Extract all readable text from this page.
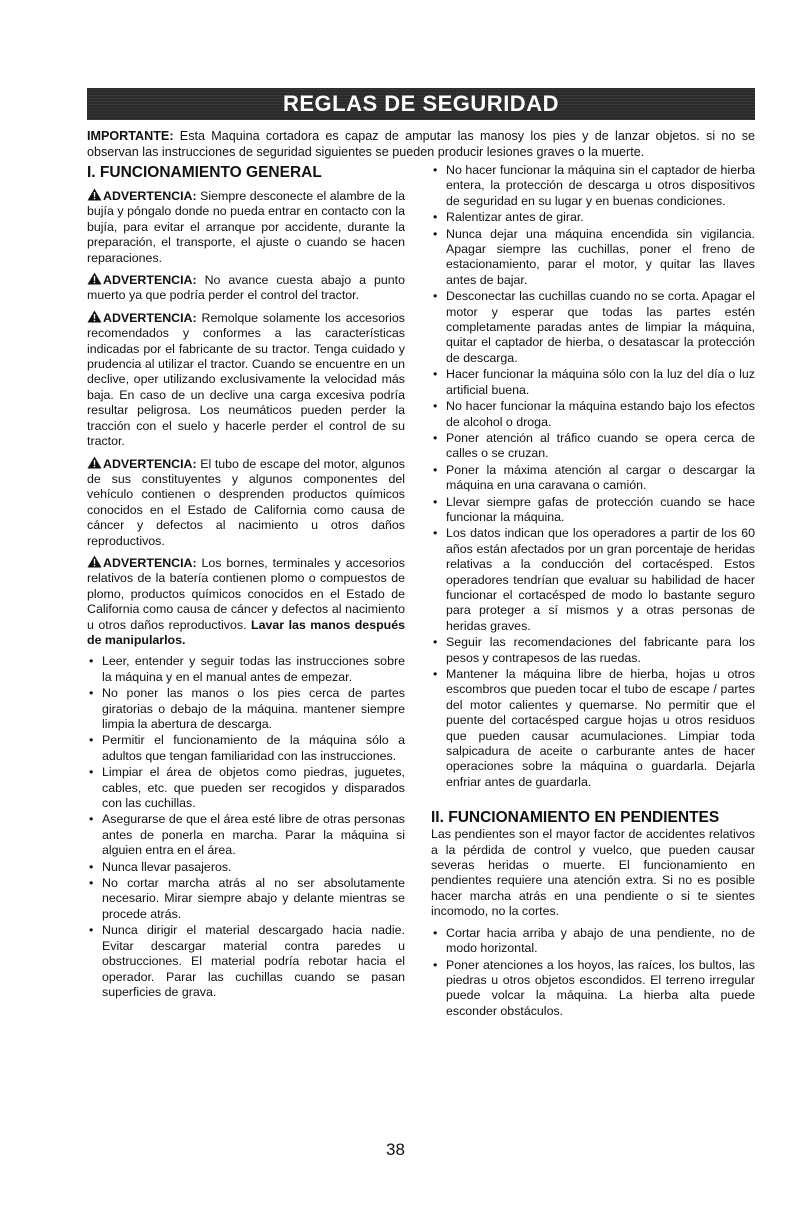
REGLAS DE SEGURIDAD
IMPORTANTE: Esta Maquina cortadora es capaz de amputar las manosy los pies y de lanzar objetos. si no se observan las instrucciones de seguridad siguientes se pueden producir lesiones graves o la muerte.
I. FUNCIONAMIENTO GENERAL

ADVERTENCIA: Siempre desconecte el alambre de la bujía y póngalo donde no pueda entrar en contacto con la bujía, para evitar el arranque por accidente, durante la preparación, el transporte, el ajuste o cuando se hacen reparaciones.

ADVERTENCIA: No avance cuesta abajo a punto muerto ya que podría perder el control del tractor.

ADVERTENCIA: Remolque solamente los accesorios recomendados y conformes a las características indicadas por el fabricante de su tractor. Tenga cuidado y prudencia al utilizar el tractor. Cuando se encuentre en un declive, oper utilizando exclusivamente la velocidad más baja. En caso de un declive una carga excesiva podría resultar peligrosa. Los neumáticos pueden perder la tracción con el suelo y hacerle perder el control de su tractor.

ADVERTENCIA: El tubo de escape del motor, algunos de sus constituyentes y algunos componentes del vehículo contienen o desprenden productos químicos conocidos en el Estado de California como causa de cáncer y defectos al nacimiento u otros daños reproductivos.

ADVERTENCIA: Los bornes, terminales y accesorios relativos de la batería contienen plomo o compuestos de plomo, productos químicos conocidos en el Estado de California como causa de cáncer y defectos al nacimiento u otros daños reproductivos. Lavar las manos después de manipularlos.

• Leer, entender y seguir todas las instrucciones sobre la máquina y en el manual antes de empezar.
• No poner las manos o los pies cerca de partes giratorias o debajo de la máquina. mantener siempre limpia la abertura de descarga.
• Permitir el funcionamiento de la máquina sólo a adultos que tengan familiaridad con las instrucciones.
• Limpiar el área de objetos como piedras, juguetes, cables, etc. que pueden ser recogidos y disparados con las cuchillas.
• Asegurarse de que el área esté libre de otras personas antes de ponerla en marcha. Parar la máquina si alguien entra en el área.
• Nunca llevar pasajeros.
• No cortar marcha atrás al no ser absolutamente necesario. Mirar siempre abajo y delante mientras se procede atrás.
• Nunca dirigir el material descargado hacia nadie. Evitar descargar material contra paredes u obstrucciones. El material podría rebotar hacia el operador. Parar las cuchillas cuando se pasan superficies de grava.
• No hacer funcionar la máquina sin el captador de hierba entera, la protección de descarga u otros dispositivos de seguridad en su lugar y en buenas condiciones.
• Ralentizar antes de girar.
• Nunca dejar una máquina encendida sin vigilancia. Apagar siempre las cuchillas, poner el freno de estacionamiento, parar el motor, y quitar las llaves antes de bajar.
• Desconectar las cuchillas cuando no se corta. Apagar el motor y esperar que todas las partes estén completamente paradas antes de limpiar la máquina, quitar el captador de hierba, o desatascar la protección de descarga.
• Hacer funcionar la máquina sólo con la luz del día o luz artificial buena.
• No hacer funcionar la máquina estando bajo los efectos de alcohol o droga.
• Poner atención al tráfico cuando se opera cerca de calles o se cruzan.
• Poner la máxima atención al cargar o descargar la máquina en una caravana o camión.
• Llevar siempre gafas de protección cuando se hace funcionar la máquina.
• Los datos indican que los operadores a partir de los 60 años están afectados por un gran porcentaje de heridas relativas a la conducción del cortacésped. Estos operadores tendrían que evaluar su habilidad de hacer funcionar el cortacésped de modo lo bastante seguro para proteger a sí mismos y a otras personas de heridas graves.
• Seguir las recomendaciones del fabricante para los pesos y contrapesos de las ruedas.
• Mantener la máquina libre de hierba, hojas u otros escombros que pueden tocar el tubo de escape / partes del motor calientes y quemarse. No permitir que el puente del cortacésped cargue hojas u otros residuos que pueden causar acumulaciones. Limpiar toda salpicadura de aceite o carburante antes de hacer operaciones sobre la máquina o guardarla. Dejarla enfriar antes de guardarla.
II. FUNCIONAMIENTO EN PENDIENTES

Las pendientes son el mayor factor de accidentes relativos a la pérdida de control y vuelco, que pueden causar severas heridas o muerte. El funcionamiento en pendientes requiere una atención extra. Si no es posible hacer marcha atrás en una pendiente o si te sientes incomodo, no la cortes.

• Cortar hacia arriba y abajo de una pendiente, no de modo horizontal.
• Poner atenciones a los hoyos, las raíces, los bultos, las piedras u otros objetos escondidos. El terreno irregular puede volcar la máquina. La hierba alta puede esconder obstáculos.
38
